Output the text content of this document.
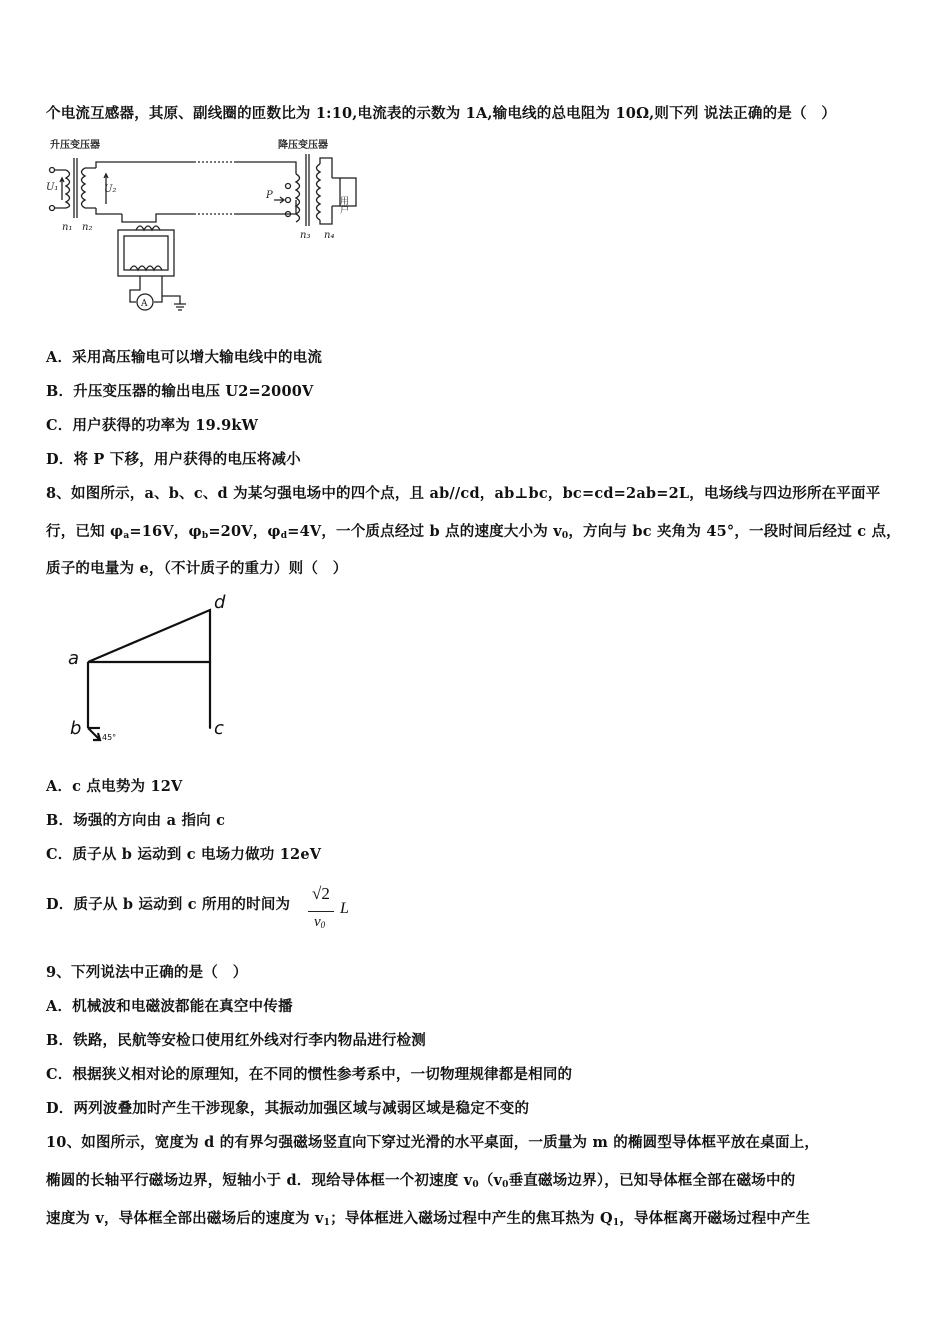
个电流互感器，其原、副线圈的匝数比为 1:10,电流表的示数为 1A,输电线的总电阻为 10Ω,则下列 说法正确的是（　）
升压变压器	降压变压器
U₁	U₂
n₁ n₂
P
n₃ n₄
A
用户
A．采用高压输电可以增大输电线中的电流
B．升压变压器的输出电压 U2=2000V
C．用户获得的功率为 19.9kW
D．将 P 下移，用户获得的电压将减小
8、如图所示，a、b、c、d 为某匀强电场中的四个点，且 ab//cd，ab⊥bc，bc=cd=2ab=2L，电场线与四边形所在平面平
行，已知 $\varphi_a=16V$，$\varphi_b=20V$，$\varphi_d=4V$，一个质点经过 b 点的速度大小为 $v_0$，方向与 bc 夹角为 45°，一段时间后经过 c 点，
质子的电量为 e，（不计质子的重力）则（　）
a
b	c
d
45°
A．c 点电势为 12V
B．场强的方向由 a 指向 c
C．质子从 b 运动到 c 电场力做功 12eV
D．质子从 b 运动到 c 所用的时间为
√2
$v_0$
L
9、下列说法中正确的是（　）
A．机械波和电磁波都能在真空中传播
B．铁路，民航等安检口使用红外线对行李内物品进行检测
C．根据狭义相对论的原理知，在不同的惯性参考系中，一切物理规律都是相同的
D．两列波叠加时产生干涉现象，其振动加强区域与减弱区域是稳定不变的
10、如图所示，宽度为 d 的有界匀强磁场竖直向下穿过光滑的水平桌面，一质量为 m 的椭圆型导体框平放在桌面上，
椭圆的长轴平行磁场边界，短轴小于 d．现给导体框一个初速度 $v_0(v_0$垂直磁场边界），已知导体框全部在磁场中的
速度为 v，导体框全部出磁场后的速度为 $v_1$；导体框进入磁场过程中产生的焦耳热为 $Q_1$，导体框离开磁场过程中产生
